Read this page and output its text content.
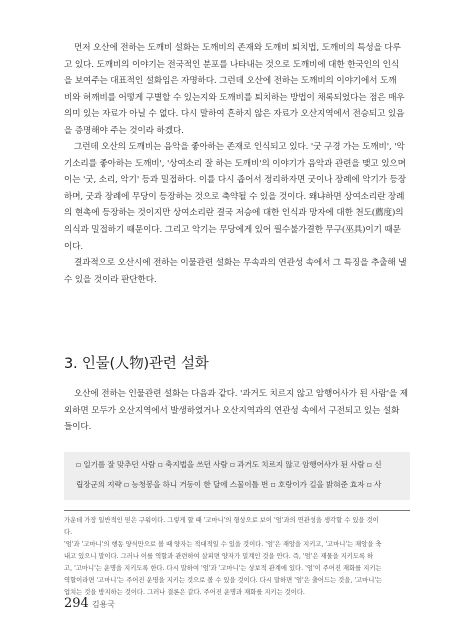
먼저 오산에 전하는 도깨비 설화는 도깨비의 존재와 도깨비 퇴치법, 도깨비의 특성을 다루
고 있다. 도깨비의 이야기는 전국적인 분포를 나타내는 것으로 도깨비에 대한 한국인의 인식
을 보여주는 대표적인 설화임은 자명하다. 그런데 오산에 전하는 도깨비의 이야기에서 도깨
비와 허깨비를 어떻게 구별할 수 있는지와 도깨비를 퇴치하는 방법이 채록되었다는 점은 매우
의미 있는 자료가 아닐 수 없다. 다시 말하여 흔하지 않은 자료가 오산지역에서 전승되고 있음
을 증명해야 주는 것이라 하겠다.
그런데 오산의 도깨비는 음악을 좋아하는 존재로 인식되고 있다. '굿 구경 가는 도깨비', '악
기소리를 좋아하는 도깨비', '상여소리 잘 하는 도깨비'의 이야기가 음악과 관련을 맺고 있으며
이는 '굿, 소리, 악기' 등과 밀접하다. 이를 다시 좁어서 정리하자면 굿이나 장례에 악기가 등장
하며, 굿과 장례에 무당이 등장하는 것으로 축약될 수 있을 것이다. 왜냐하면 상여소리란 장례
의 현촉에 등장하는 것이지만 상여소리란 결국 저승에 대한 인식과 망자에 대한 천도(薦度)의
의식과 밀접하기 때문이다. 그리고 악기는 무당에게 있어 필수불가결한 무구(巫具)이기 때문
이다.
결과적으로 오산시에 전하는 이물관련 설화는 무속과의 연관성 속에서 그 특징을 추출해 낼
수 있을 것이라 판단한다.
3. 인물(人物)관련 설화
오산에 전하는 인물관련 설화는 다음과 같다. '과거도 치르지 않고 암행어사가 된 사람'을 제
외하면 모두가 오산지역에서 발생하였거나 오산지역과의 연관성 속에서 구전되고 있는 설화
들이다.
▫ 일기를 잘 맞추던 사람 ▫ 축지법을 쓰던 사람 ▫ 과거도 치르지 않고 암행어사가 된 사람 ▫ 신
립장군의 지략 ▫ 능청봉을 하니 거동이 한 달에 스물이틀 번 ▫ 호랑이가 길을 밝혀준 효자 ▫ 사
가운데 가장 일반적인 믿은 구워이다. 그렇게 할 때 '고마니'의 형상으로 보이 '엄'과의 연관성을 생각할 수 있을 것이
다.
'엄'과 '고마니'의 행동 양식만으로 볼 때 양자는 적대적일 수 있을 것이다. '엄'은 재앙을 지키고, '고마니'는 재앙을 축
내고 있으니 말이다. 그러나 이를 역할과 관련하여 살피면 양자가 밀계인 것을 안다. 즉, '엄'은 재물을 지키도록 하
고, '고마니'는 운명을 지키도록 한다. 다시 말하여 '엄'과 '고마니'는 상보적 관계에 있다. '엄'이 주어진 재화를 지키는
역할이라면 '고마니'는 주어진 운명을 지키는 것으로 볼 수 있을 것이다. 다시 말하면 '엄'은 출어드는 것을, '고마니'는
업치는 것을 방지하는 것이다. 그러나 결론은 같다. 주어진 운명과 재화를 지키는 것이다.
294 김용국
